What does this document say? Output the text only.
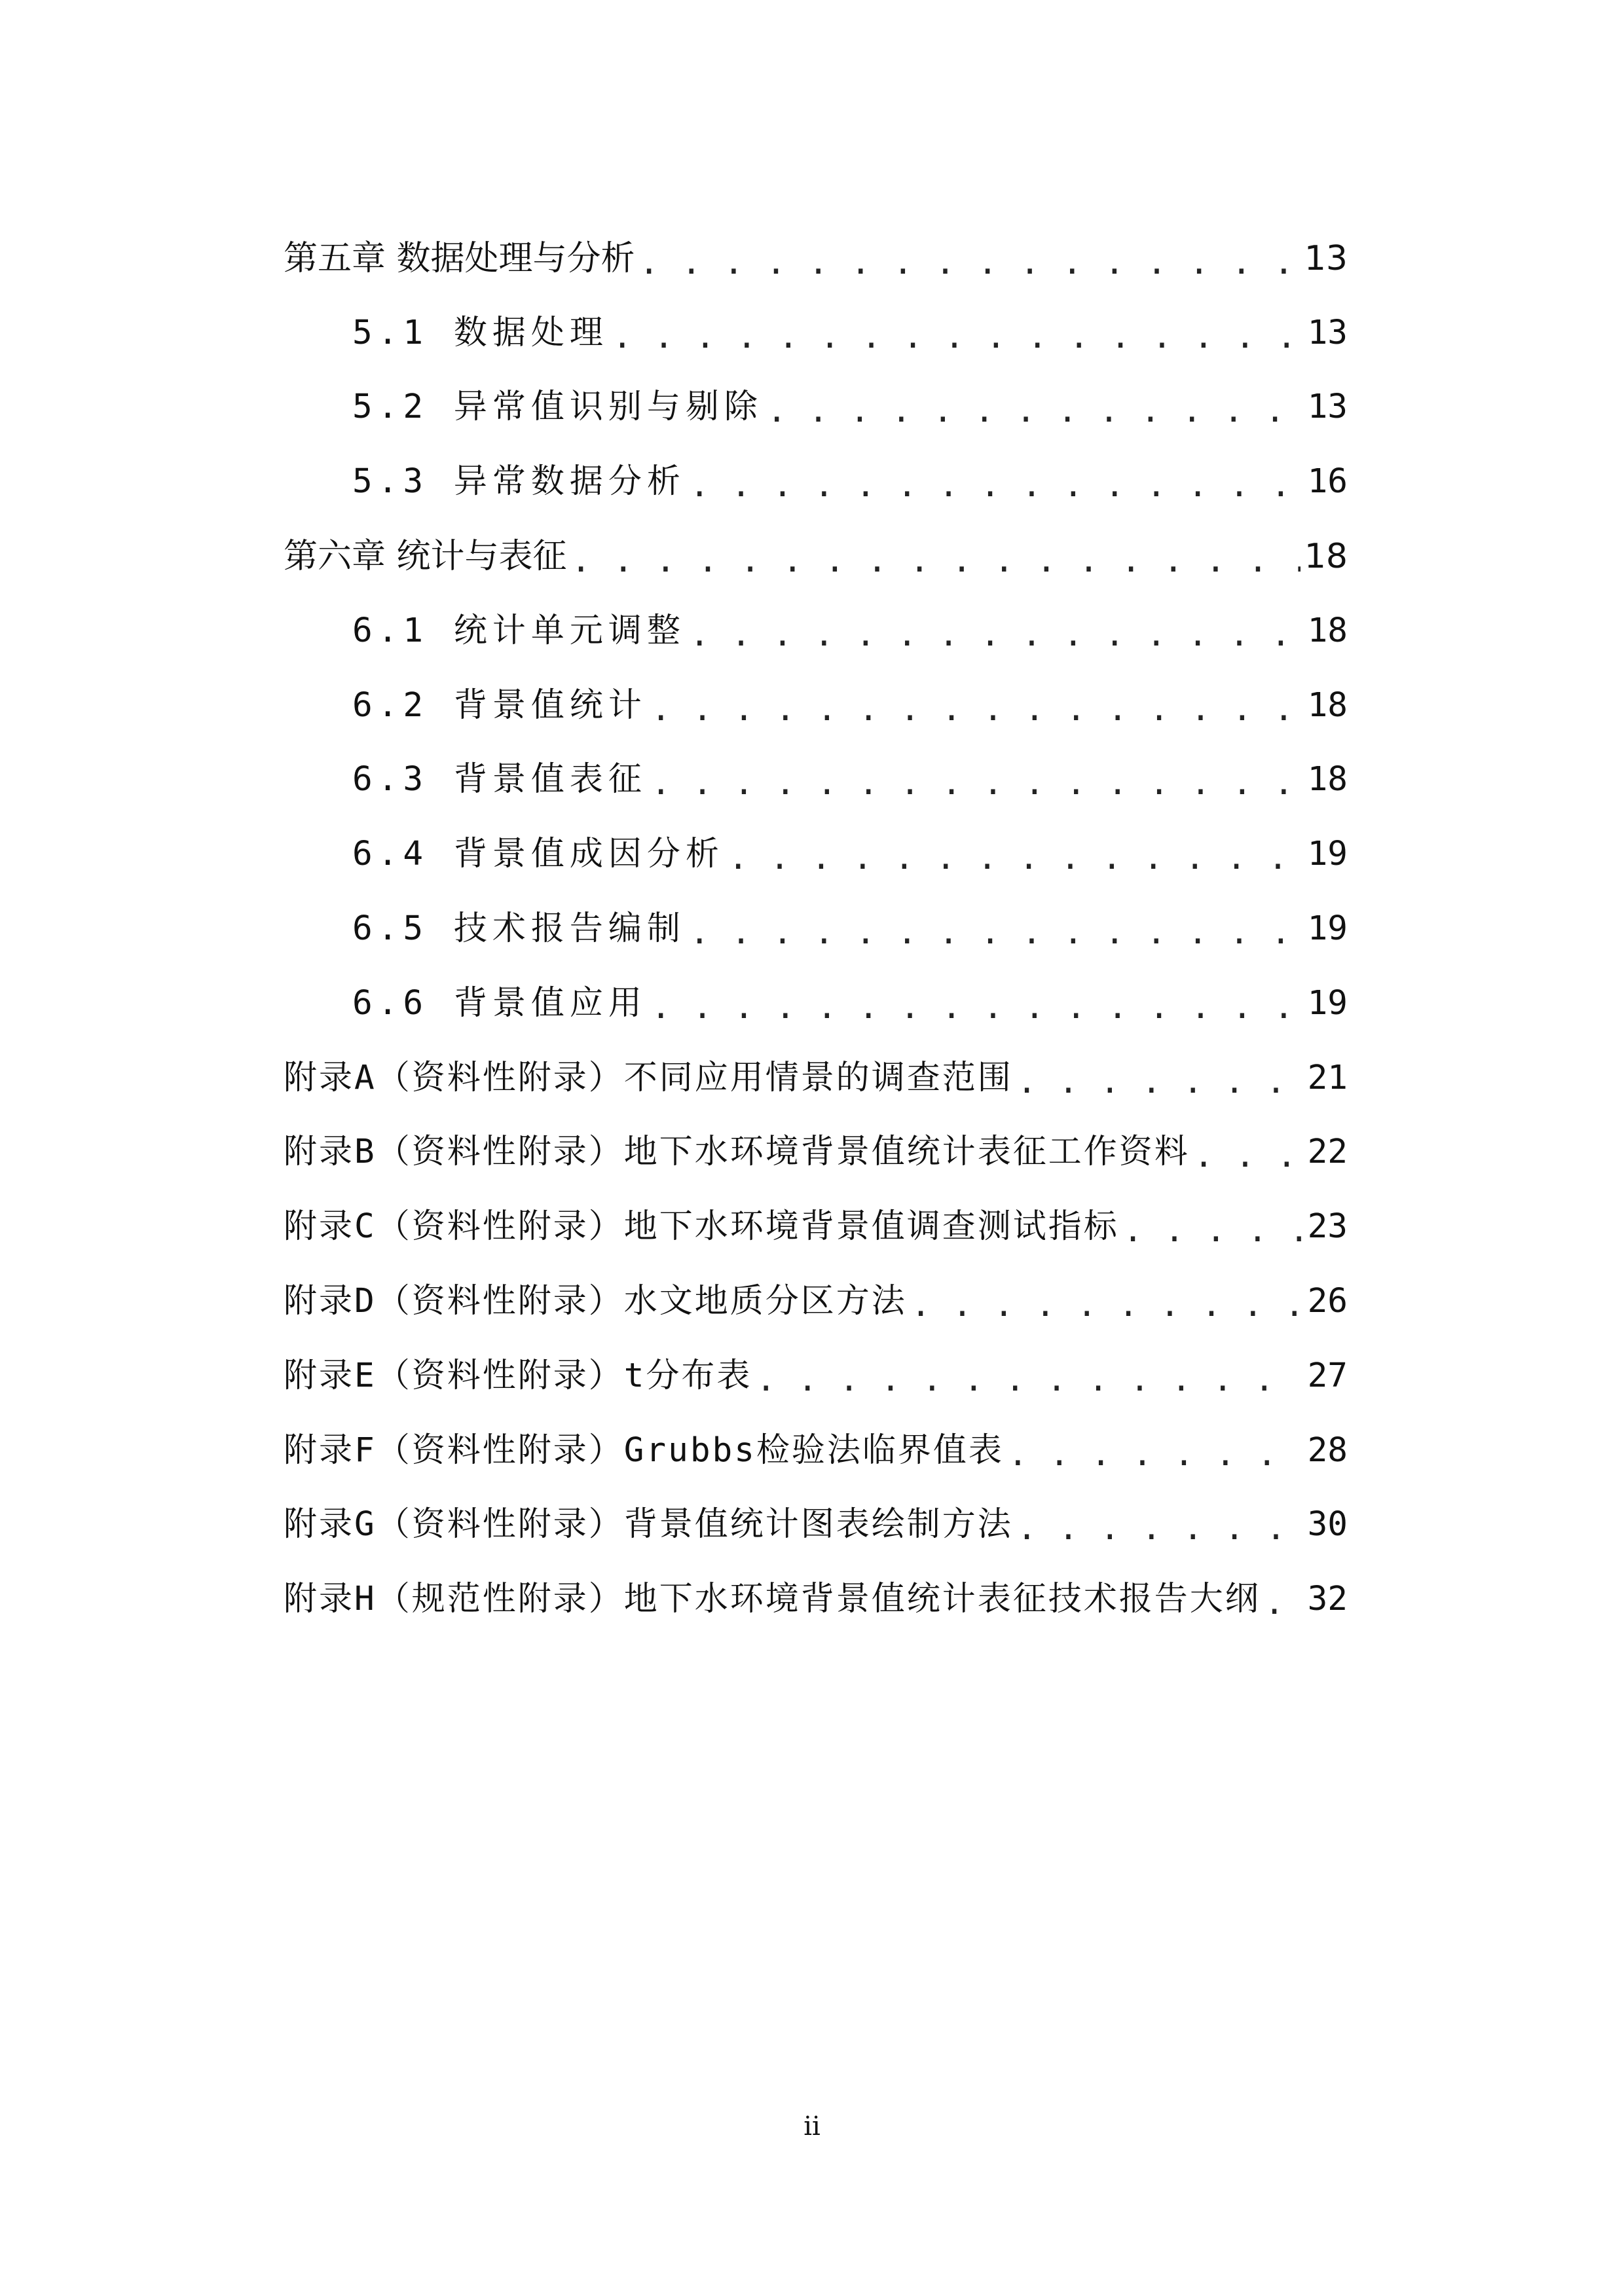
第五章 数据处理与分析 . . .	13
5.1 数据处理 . . .	13
5.2 异常值识别与剔除 . . .	13
5.3 异常数据分析 . . .	16
第六章 统计与表征 . . .	18
6.1 统计单元调整 . . .	18
6.2 背景值统计 . . .	18
6.3 背景值表征 . . .	18
6.4 背景值成因分析 . . .	19
6.5 技术报告编制 . . .	19
6.6 背景值应用 . . .	19
附录A（资料性附录）不同应用情景的调查范围 . . .	21
附录B（资料性附录）地下水环境背景值统计表征工作资料 . . .	22
附录C（资料性附录）地下水环境背景值调查测试指标 . . .	23
附录D（资料性附录）水文地质分区方法 . . .	26
附录E（资料性附录）t分布表 . . .	27
附录F（资料性附录）Grubbs检验法临界值表 . . .	28
附录G（资料性附录）背景值统计图表绘制方法 . . .	30
附录H（规范性附录）地下水环境背景值统计表征技术报告大纲 . . . 32
ii
